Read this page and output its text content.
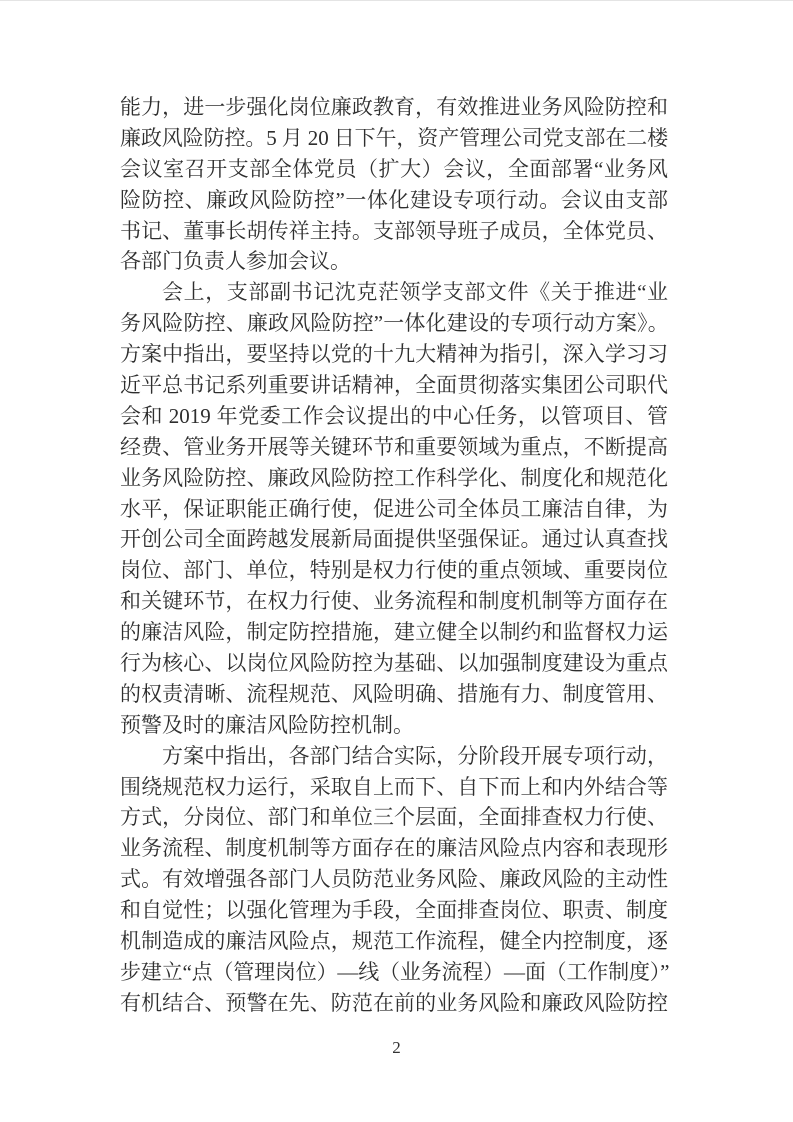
能力，进一步强化岗位廉政教育，有效推进业务风险防控和
廉政风险防控。5 月 20 日下午，资产管理公司党支部在二楼
会议室召开支部全体党员（扩大）会议，全面部署“业务风
险防控、廉政风险防控”一体化建设专项行动。会议由支部
书记、董事长胡传祥主持。支部领导班子成员，全体党员、
各部门负责人参加会议。
会上，支部副书记沈克茫领学支部文件《关于推进“业
务风险防控、廉政风险防控”一体化建设的专项行动方案》。
方案中指出，要坚持以党的十九大精神为指引，深入学习习
近平总书记系列重要讲话精神，全面贯彻落实集团公司职代
会和 2019 年党委工作会议提出的中心任务，以管项目、管
经费、管业务开展等关键环节和重要领域为重点，不断提高
业务风险防控、廉政风险防控工作科学化、制度化和规范化
水平，保证职能正确行使，促进公司全体员工廉洁自律，为
开创公司全面跨越发展新局面提供坚强保证。通过认真查找
岗位、部门、单位，特别是权力行使的重点领域、重要岗位
和关键环节，在权力行使、业务流程和制度机制等方面存在
的廉洁风险，制定防控措施，建立健全以制约和监督权力运
行为核心、以岗位风险防控为基础、以加强制度建设为重点
的权责清晰、流程规范、风险明确、措施有力、制度管用、
预警及时的廉洁风险防控机制。
方案中指出，各部门结合实际，分阶段开展专项行动，
围绕规范权力运行，采取自上而下、自下而上和内外结合等
方式，分岗位、部门和单位三个层面，全面排查权力行使、
业务流程、制度机制等方面存在的廉洁风险点内容和表现形
式。有效增强各部门人员防范业务风险、廉政风险的主动性
和自觉性；以强化管理为手段，全面排查岗位、职责、制度
机制造成的廉洁风险点，规范工作流程，健全内控制度，逐
步建立“点（管理岗位）—线（业务流程）—面（工作制度）”
有机结合、预警在先、防范在前的业务风险和廉政风险防控
2
